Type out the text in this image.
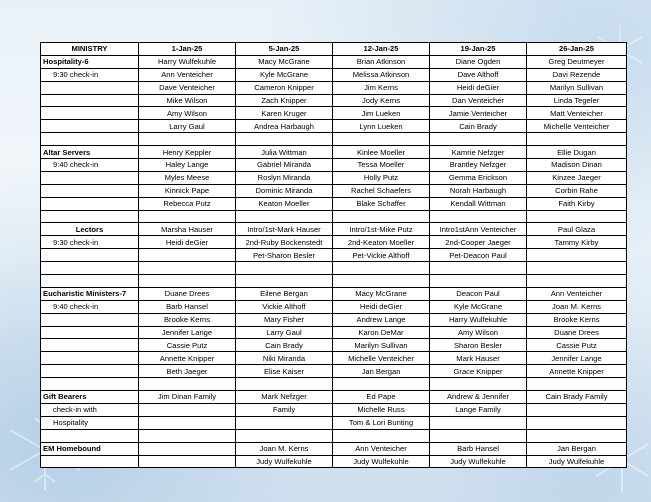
MINISTRY	1-Jan-25	5-Jan-25	12-Jan-25	19-Jan-25	26-Jan-25
Hospitality-6	Harry Wulfekuhle	Macy McGrane	Brian Atkinson	Diane Ogden	Greg Deutmeyer
9:30 check-in	Ann Venteicher	Kyle McGrane	Melissa Atkinson	Dave Althoff	Davi Rezende
	Dave Venteicher	Cameron Knipper	Jim Kerns	Heidi deGier	Marilyn Sullivan
	Mike Wilson	Zach Knipper	Jody Kerns	Dan Venteicher	Linda Tegeler
	Amy Wilson	Karen Kruger	Jim Lueken	Jamie Venteicher	Matt Venteicher
	Larry Gaul	Andrea Harbaugh	Lynn Lueken	Cain Brady	Michelle Venteicher

Altar Servers	Henry Keppler	Julia Wittman	Kinlee Moeller	Kamrie Nefzger	Ellie Dugan
9:40 check-in	Haley Lange	Gabriel Miranda	Tessa Moeller	Brantley Nefzger	Madison Dinan
	Myles Meese	Roslyn Miranda	Holly Putz	Gemma Erickson	Kinzee Jaeger
	Kinnick Pape	Dominic Miranda	Rachel Schaefers	Norah Harbaugh	Corbin Rahe
	Rebecca Putz	Keaton Moeller	Blake Schaffer	Kendall Wittman	Faith Kirby

Lectors	Marsha Hauser	Intro/1st-Mark Hauser	Intro/1st-Mike Putz	Intro1stAnn Venteicher	Paul Glaza
9:30 check-in	Heidi deGier	2nd-Ruby Bockenstedt	2nd-Keaton Moeller	2nd-Cooper Jaeger	Tammy Kirby
		Pet-Sharon Besler	Pet-Vickie Althoff	Pet-Deacon Paul	

Eucharistic Ministers-7	Duane Drees	Eilene Bergan	Macy McGrane	Deacon Paul	Ann Venteicher
9:40 check-in	Barb Hansel	Vickie Althoff	Heidi deGier	Kyle McGrane	Joan M. Kerns
	Brooke Kerns	Mary Fisher	Andrew Lange	Harry Wulfekuhle	Brooke Kerns
	Jennifer Lange	Larry Gaul	Karon DeMar	Amy Wilson	Duane Drees
	Cassie Putz	Cain Brady	Marilyn Sullivan	Sharon Besler	Cassie Putz
	Annette Knipper	Niki Miranda	Michelle Venteicher	Mark Hauser	Jennifer Lange
	Beth Jaeger	Elise Kaiser	Jan Bergan	Grace Knipper	Annette Knipper

Gift Bearers	Jim Dinan Family	Mark Nefzger	Ed Pape	Andrew & Jennifer	Cain Brady Family
check-in with		Family	Michelle Russ	Lange Family	
Hospitality			Tom & Lori Bunting		

EM Homebound		Joan M. Kerns	Ann Venteicher	Barb Hansel	Jan Bergan
		Judy Wulfekuhle	Judy Wulfekuhle	Judy Wulfekuhle	Judy Wulfekuhle
